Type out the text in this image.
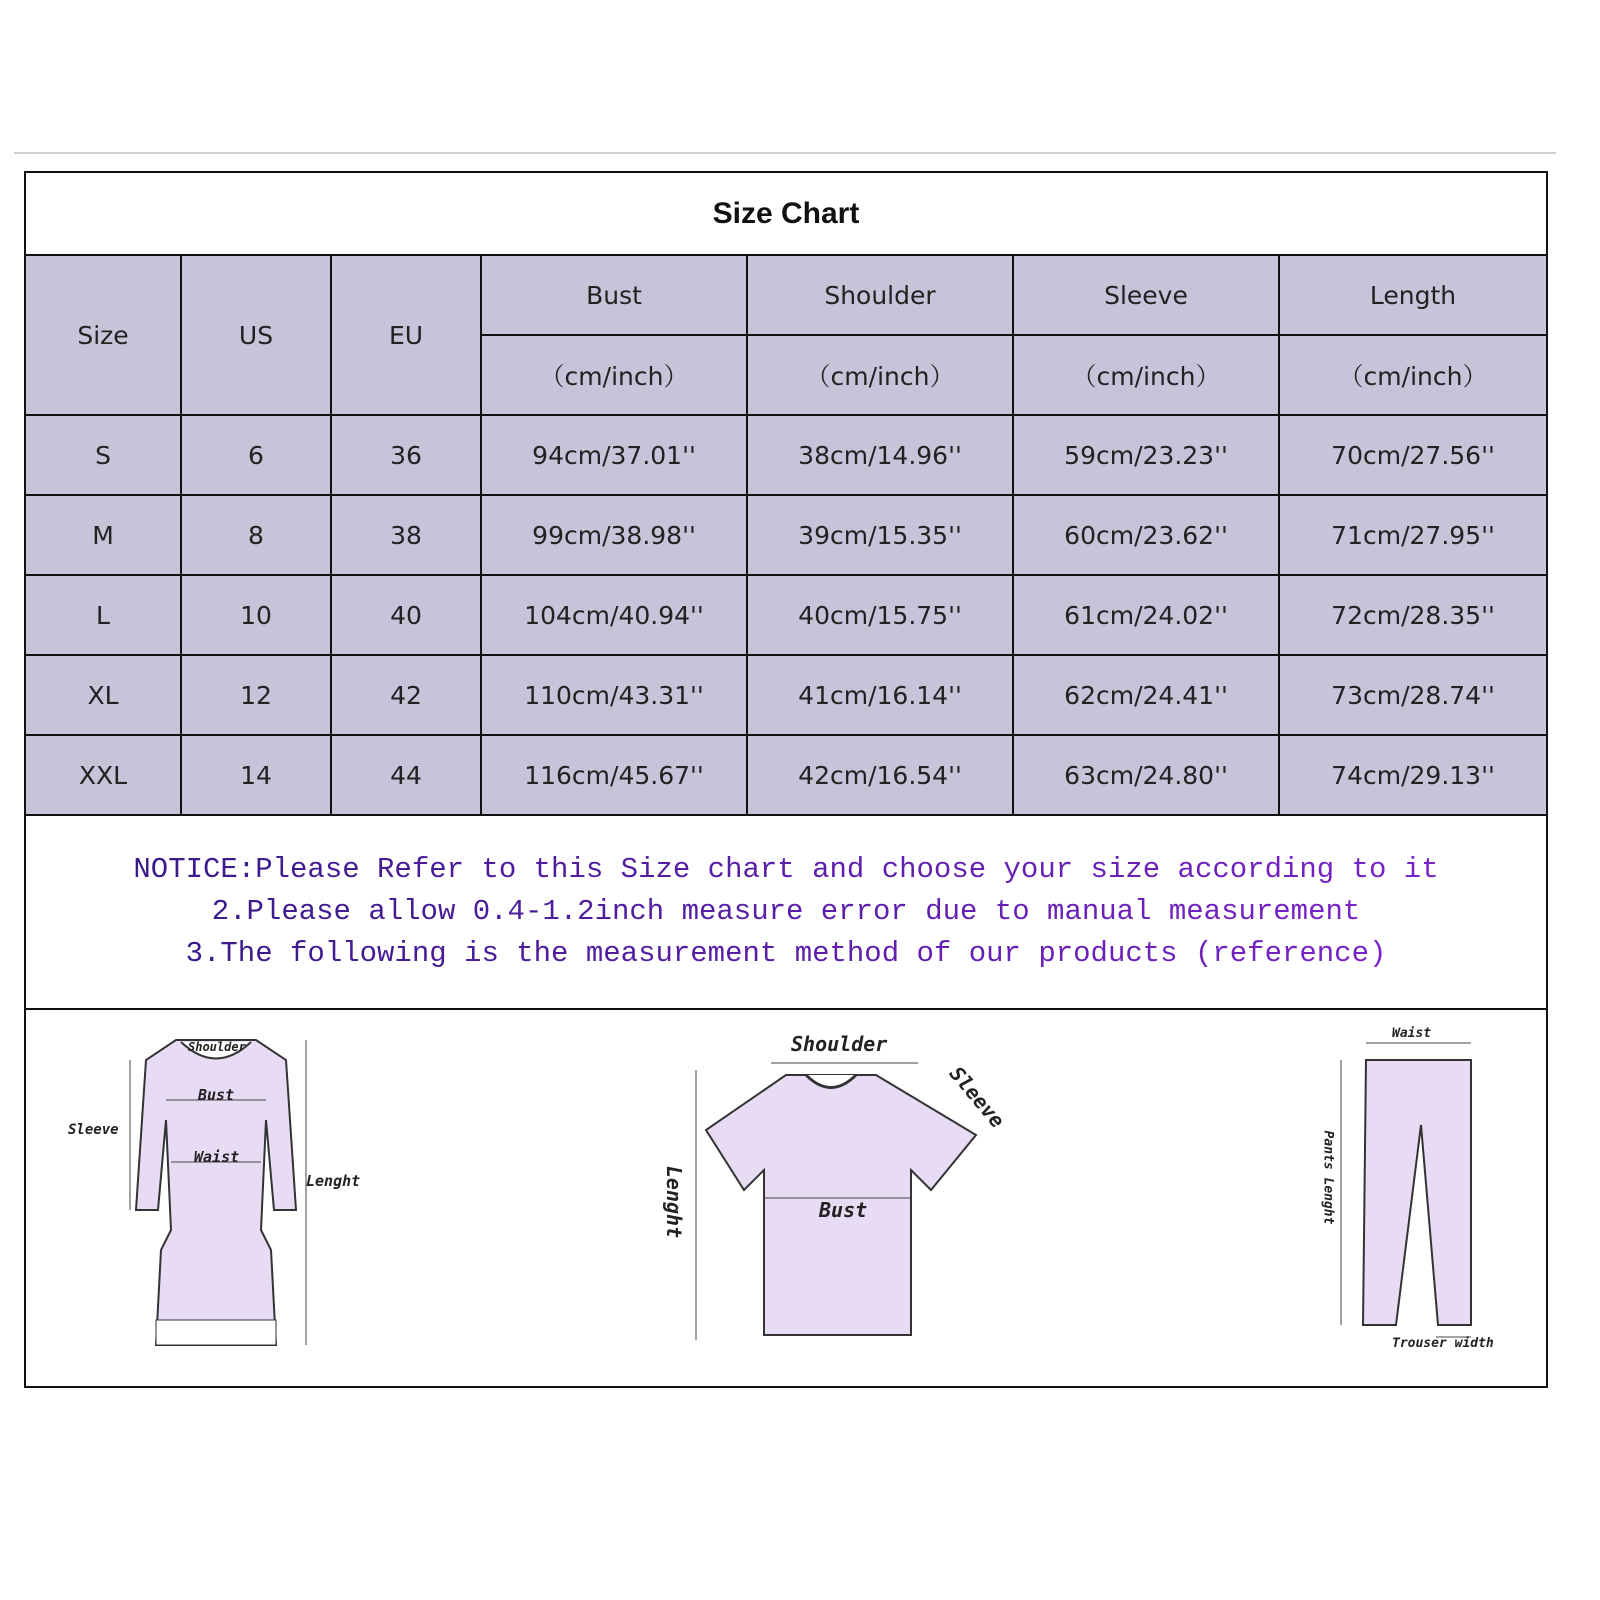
Size Chart
Size	US	EU	Bust	Shoulder	Sleeve	Length
			（cm/inch）	（cm/inch）	（cm/inch）	（cm/inch）
S	6	36	94cm/37.01''	38cm/14.96''	59cm/23.23''	70cm/27.56''
M	8	38	99cm/38.98''	39cm/15.35''	60cm/23.62''	71cm/27.95''
L	10	40	104cm/40.94''	40cm/15.75''	61cm/24.02''	72cm/28.35''
XL	12	42	110cm/43.31''	41cm/16.14''	62cm/24.41''	73cm/28.74''
XXL	14	44	116cm/45.67''	42cm/16.54''	63cm/24.80''	74cm/29.13''
NOTICE:Please Refer to this Size chart and choose your size according to it
2.Please allow 0.4-1.2inch measure error due to manual measurement
3.The following is the measurement method of our products (reference)
Shoulder
Bust
Waist
Sleeve
Lenght
Shoulder
Sleeve
Bust
Lenght
Waist
Pants Lenght
Trouser width
